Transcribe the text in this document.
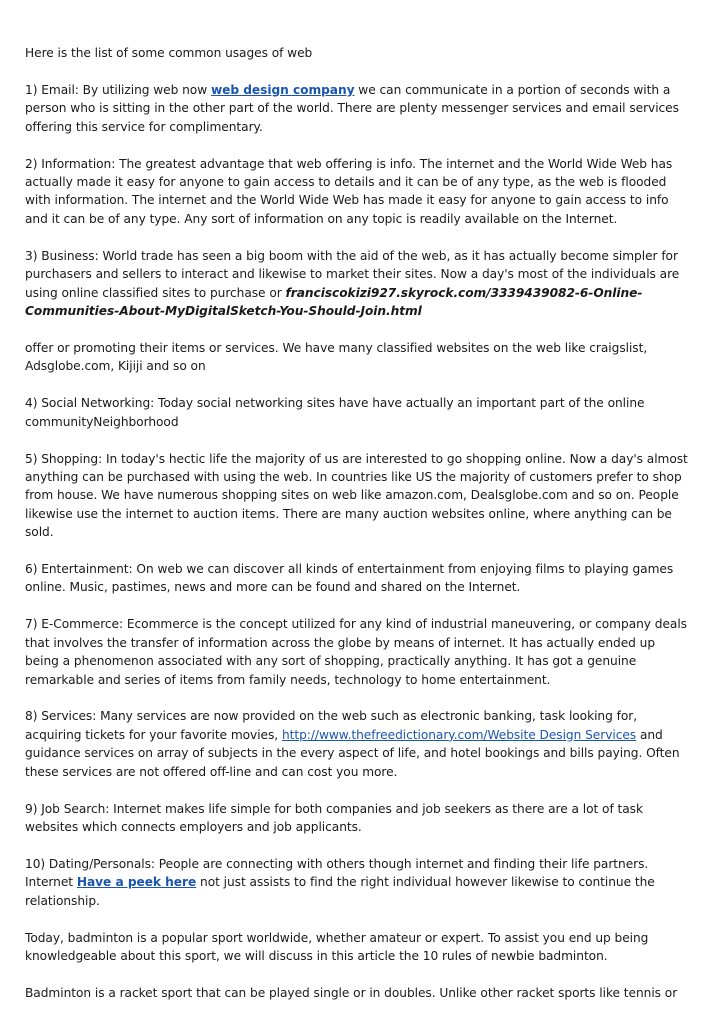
Here is the list of some common usages of web

1) Email: By utilizing web now web design company we can communicate in a portion of seconds with a person who is sitting in the other part of the world. There are plenty messenger services and email services offering this service for complimentary.

2) Information: The greatest advantage that web offering is info. The internet and the World Wide Web has actually made it easy for anyone to gain access to details and it can be of any type, as the web is flooded with information. The internet and the World Wide Web has made it easy for anyone to gain access to info and it can be of any type. Any sort of information on any topic is readily available on the Internet.

3) Business: World trade has seen a big boom with the aid of the web, as it has actually become simpler for purchasers and sellers to interact and likewise to market their sites. Now a day's most of the individuals are using online classified sites to purchase or franciscokizi927.skyrock.com/3339439082-6-Online-Communities-About-MyDigitalSketch-You-Should-Join.html

offer or promoting their items or services. We have many classified websites on the web like craigslist, Adsglobe.com, Kijiji and so on

4) Social Networking: Today social networking sites have have actually an important part of the online communityNeighborhood

5) Shopping: In today's hectic life the majority of us are interested to go shopping online. Now a day's almost anything can be purchased with using the web. In countries like US the majority of customers prefer to shop from house. We have numerous shopping sites on web like amazon.com, Dealsglobe.com and so on. People likewise use the internet to auction items. There are many auction websites online, where anything can be sold.

6) Entertainment: On web we can discover all kinds of entertainment from enjoying films to playing games online. Music, pastimes, news and more can be found and shared on the Internet.

7) E-Commerce: Ecommerce is the concept utilized for any kind of industrial maneuvering, or company deals that involves the transfer of information across the globe by means of internet. It has actually ended up being a phenomenon associated with any sort of shopping, practically anything. It has got a genuine remarkable and series of items from family needs, technology to home entertainment.

8) Services: Many services are now provided on the web such as electronic banking, task looking for, acquiring tickets for your favorite movies, http://www.thefreedictionary.com/Website Design Services and guidance services on array of subjects in the every aspect of life, and hotel bookings and bills paying. Often these services are not offered off-line and can cost you more.

9) Job Search: Internet makes life simple for both companies and job seekers as there are a lot of task websites which connects employers and job applicants.

10) Dating/Personals: People are connecting with others though internet and finding their life partners. Internet Have a peek here not just assists to find the right individual however likewise to continue the relationship.

Today, badminton is a popular sport worldwide, whether amateur or expert. To assist you end up being knowledgeable about this sport, we will discuss in this article the 10 rules of newbie badminton.

Badminton is a racket sport that can be played single or in doubles. Unlike other racket sports like tennis or
